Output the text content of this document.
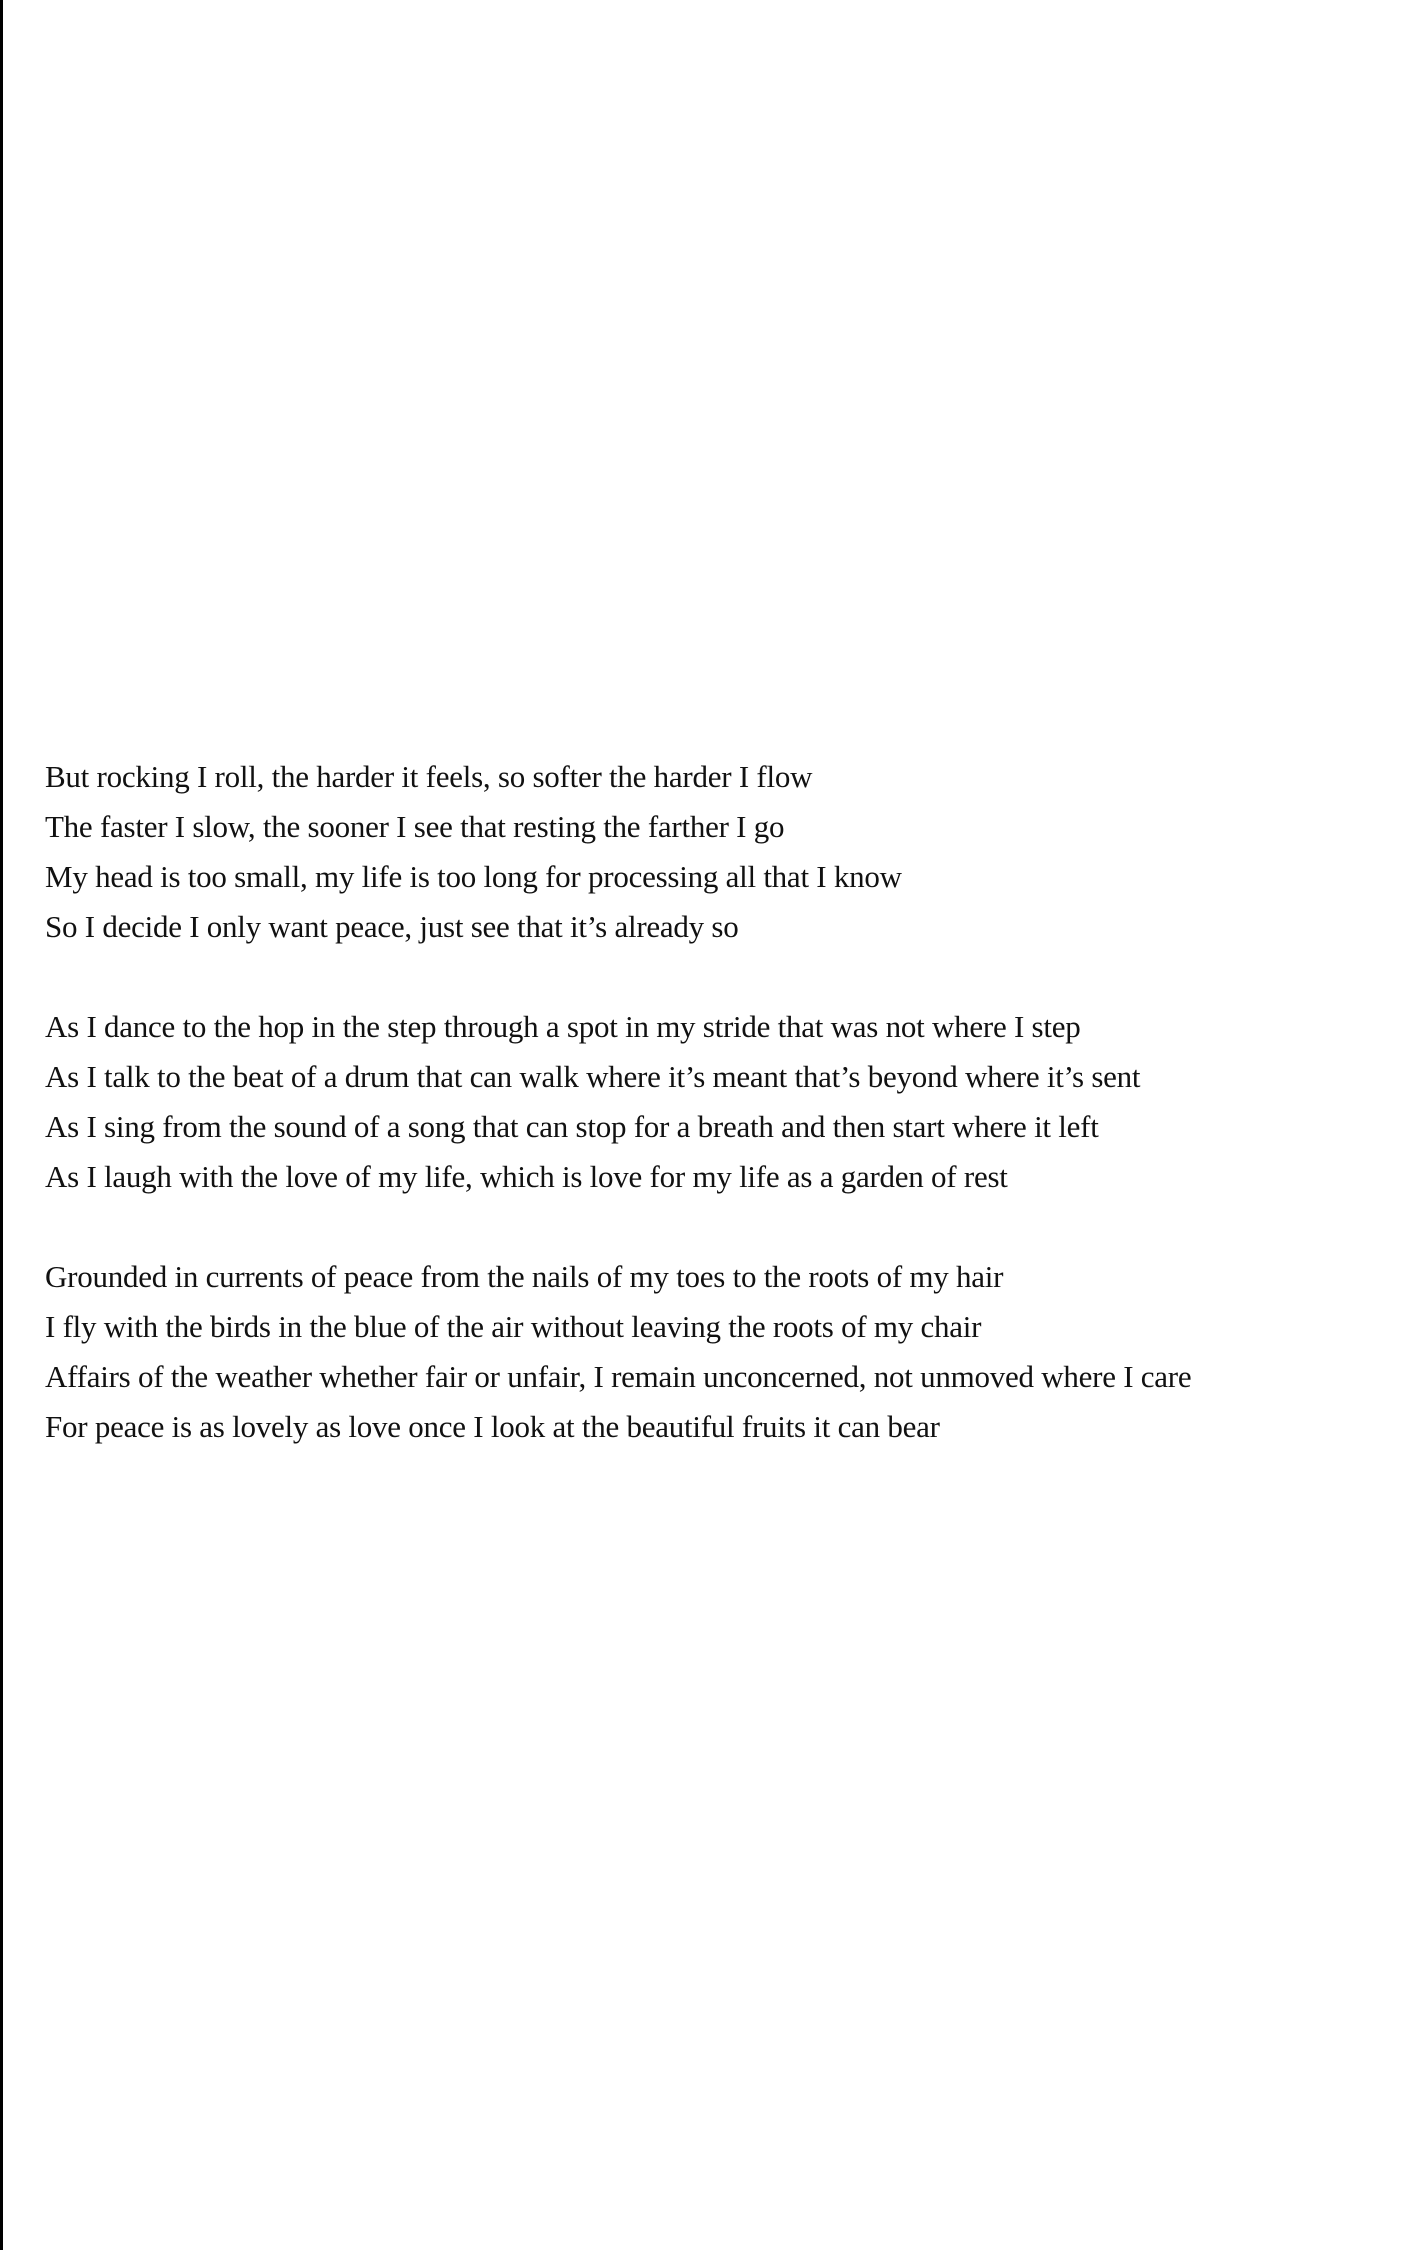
But rocking I roll, the harder it feels, so softer the harder I flow
The faster I slow, the sooner I see that resting the farther I go
My head is too small, my life is too long for processing all that I know
So I decide I only want peace, just see that it’s already so
As I dance to the hop in the step through a spot in my stride that was not where I step
As I talk to the beat of a drum that can walk where it’s meant that’s beyond where it’s sent
As I sing from the sound of a song that can stop for a breath and then start where it left
As I laugh with the love of my life, which is love for my life as a garden of rest
Grounded in currents of peace from the nails of my toes to the roots of my hair
I fly with the birds in the blue of the air without leaving the roots of my chair
Affairs of the weather whether fair or unfair, I remain unconcerned, not unmoved where I care
For peace is as lovely as love once I look at the beautiful fruits it can bear
